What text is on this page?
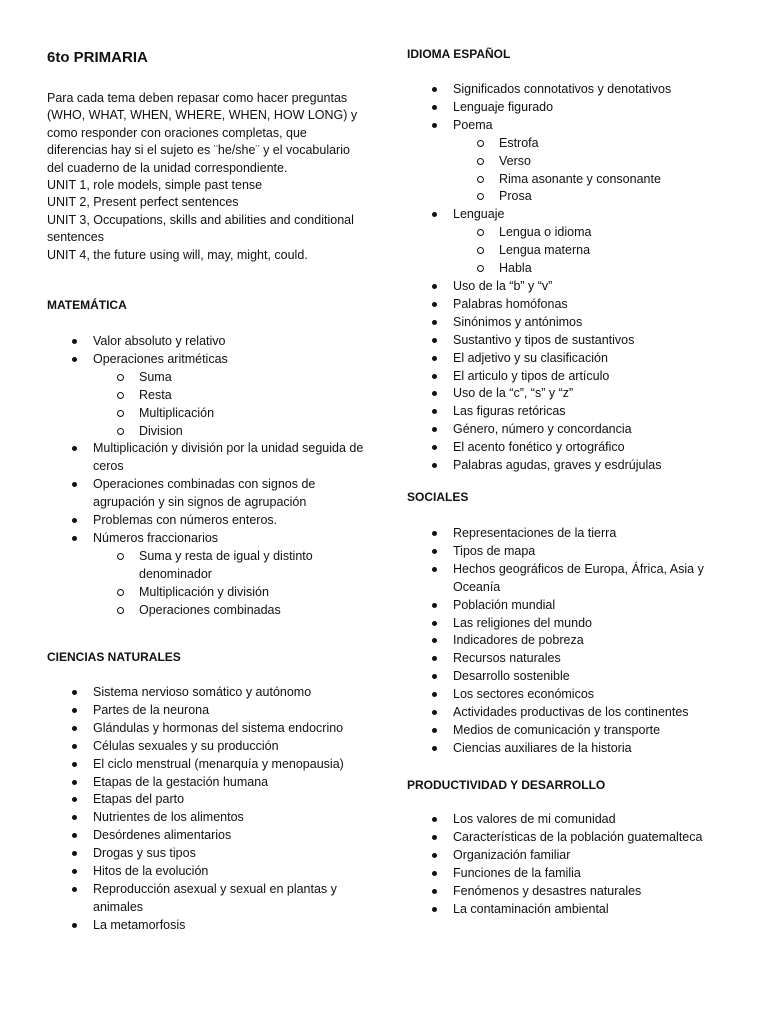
6to PRIMARIA

Para cada tema deben repasar como hacer preguntas (WHO, WHAT, WHEN, WHERE, WHEN, HOW LONG) y como responder con oraciones completas, que diferencias hay si el sujeto es ¨he/she¨ y el vocabulario del cuaderno de la unidad correspondiente.

UNIT 1, role models, simple past tense

UNIT 2, Present perfect sentences

UNIT 3, Occupations, skills and abilities and conditional sentences

UNIT 4, the future using will, may, might, could.

MATEMÁTICA
Valor absoluto y relativo
Operaciones aritméticas
Suma
Resta
Multiplicación
Division
Multiplicación y división por la unidad seguida de ceros
Operaciones combinadas con signos de agrupación y sin signos de agrupación
Problemas con números enteros.
Números fraccionarios
Suma y resta de igual y distinto denominador
Multiplicación y división
Operaciones combinadas
CIENCIAS NATURALES
Sistema nervioso somático y autónomo
Partes de la neurona
Glándulas y hormonas del sistema endocrino
Células sexuales y su producción
El ciclo menstrual (menarquía y menopausia)
Etapas de la gestación humana
Etapas del parto
Nutrientes de los alimentos
Desórdenes alimentarios
Drogas y sus tipos
Hitos de la evolución
Reproducción asexual y sexual en plantas y animales
La metamorfosis
IDIOMA ESPAÑOL
Significados connotativos y denotativos
Lenguaje figurado
Poema
Estrofa
Verso
Rima asonante y consonante
Prosa
Lenguaje
Lengua o idioma
Lengua materna
Habla
Uso de la “b” y “v”
Palabras homófonas
Sinónimos y antónimos
Sustantivo y tipos de sustantivos
El adjetivo y su clasificación
El articulo y tipos de artículo
Uso de la “c”, “s” y “z”
Las figuras retóricas
Género, número y concordancia
El acento fonético y ortográfico
Palabras agudas, graves y esdrújulas
SOCIALES
Representaciones de la tierra
Tipos de mapa
Hechos geográficos de Europa, África, Asia y Oceanía
Población mundial
Las religiones del mundo
Indicadores de pobreza
Recursos naturales
Desarrollo sostenible
Los sectores económicos
Actividades productivas de los continentes
Medios de comunicación y transporte
Ciencias auxiliares de la historia
PRODUCTIVIDAD Y DESARROLLO
Los valores de mi comunidad
Características de la población guatemalteca
Organización familiar
Funciones de la familia
Fenómenos y desastres naturales
La contaminación ambiental
